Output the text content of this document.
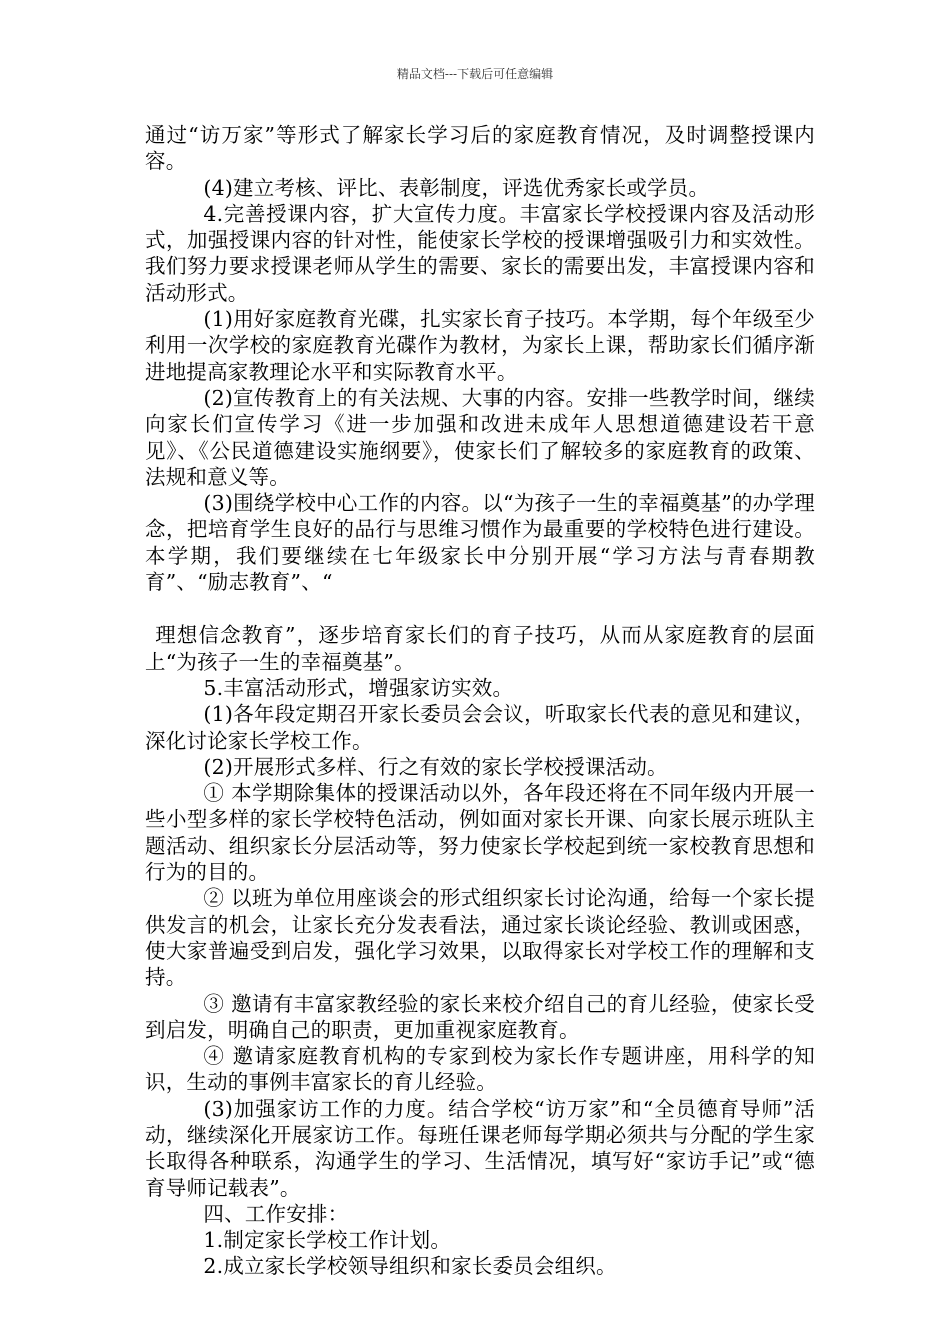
精品文档---下载后可任意编辑

通过“访万家”等形式了解家长学习后的家庭教育情况，及时调整授课内容。

(4)建立考核、评比、表彰制度，评选优秀家长或学员。

4.完善授课内容，扩大宣传力度。丰富家长学校授课内容及活动形式，加强授课内容的针对性，能使家长学校的授课增强吸引力和实效性。我们努力要求授课老师从学生的需要、家长的需要出发，丰富授课内容和活动形式。

(1)用好家庭教育光碟，扎实家长育子技巧。本学期，每个年级至少利用一次学校的家庭教育光碟作为教材，为家长上课，帮助家长们循序渐进地提高家教理论水平和实际教育水平。

(2)宣传教育上的有关法规、大事的内容。安排一些教学时间，继续向家长们宣传学习《进一步加强和改进未成年人思想道德建设若干意见》、《公民道德建设实施纲要》，使家长们了解较多的家庭教育的政策、法规和意义等。

(3)围绕学校中心工作的内容。以“为孩子一生的幸福奠基”的办学理念，把培育学生良好的品行与思维习惯作为最重要的学校特色进行建设。本学期，我们要继续在七年级家长中分别开展“学习方法与青春期教育”、“励志教育”、“

理想信念教育”，逐步培育家长们的育子技巧，从而从家庭教育的层面上“为孩子一生的幸福奠基”。

5.丰富活动形式，增强家访实效。

(1)各年段定期召开家长委员会会议，听取家长代表的意见和建议，深化讨论家长学校工作。

(2)开展形式多样、行之有效的家长学校授课活动。

① 本学期除集体的授课活动以外，各年段还将在不同年级内开展一些小型多样的家长学校特色活动，例如面对家长开课、向家长展示班队主题活动、组织家长分层活动等，努力使家长学校起到统一家校教育思想和行为的目的。

② 以班为单位用座谈会的形式组织家长讨论沟通，给每一个家长提供发言的机会，让家长充分发表看法，通过家长谈论经验、教训或困惑，使大家普遍受到启发，强化学习效果，以取得家长对学校工作的理解和支持。

③ 邀请有丰富家教经验的家长来校介绍自己的育儿经验，使家长受到启发，明确自己的职责，更加重视家庭教育。

④ 邀请家庭教育机构的专家到校为家长作专题讲座，用科学的知识，生动的事例丰富家长的育儿经验。

(3)加强家访工作的力度。结合学校“访万家”和“全员德育导师”活动，继续深化开展家访工作。每班任课老师每学期必须共与分配的学生家长取得各种联系，沟通学生的学习、生活情况，填写好“家访手记”或“德育导师记载表”。

四、工作安排：

1.制定家长学校工作计划。

2.成立家长学校领导组织和家长委员会组织。
